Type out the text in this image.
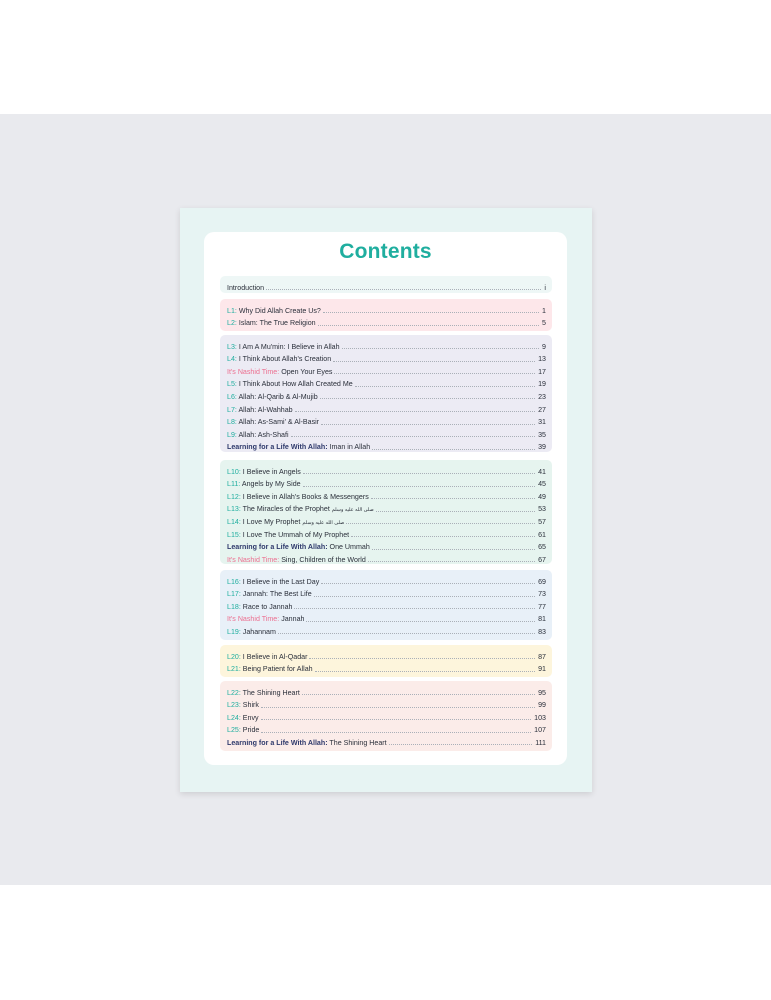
Contents
Introduction	i
L1: Why Did Allah Create Us?	1
L2: Islam: The True Religion	5
L3: I Am A Mu'min: I Believe in Allah	9
L4: I Think About Allah's Creation	13
It's Nashid Time: Open Your Eyes	17
L5: I Think About How Allah Created Me	19
L6: Allah: Al-Qarib & Al-Mujib	23
L7: Allah: Al-Wahhab	27
L8: Allah: As-Sami' & Al-Basir	31
L9: Allah: Ash-Shafi	35
Learning for a Life With Allah: Iman in Allah	39
L10: I Believe in Angels	41
L11: Angels by My Side	45
L12: I Believe in Allah's Books & Messengers	49
L13: The Miracles of the Prophet صلى الله عليه وسلم	53
L14: I Love My Prophet صلى الله عليه وسلم	57
L15: I Love The Ummah of My Prophet	61
Learning for a Life With Allah: One Ummah	65
It's Nashid Time: Sing, Children of the World	67
L16: I Believe in the Last Day	69
L17: Jannah: The Best Life	73
L18: Race to Jannah	77
It's Nashid Time: Jannah	81
L19: Jahannam	83
L20: I Believe in Al-Qadar	87
L21: Being Patient for Allah	91
L22: The Shining Heart	95
L23: Shirk	99
L24: Envy	103
L25: Pride	107
Learning for a Life With Allah: The Shining Heart	111
